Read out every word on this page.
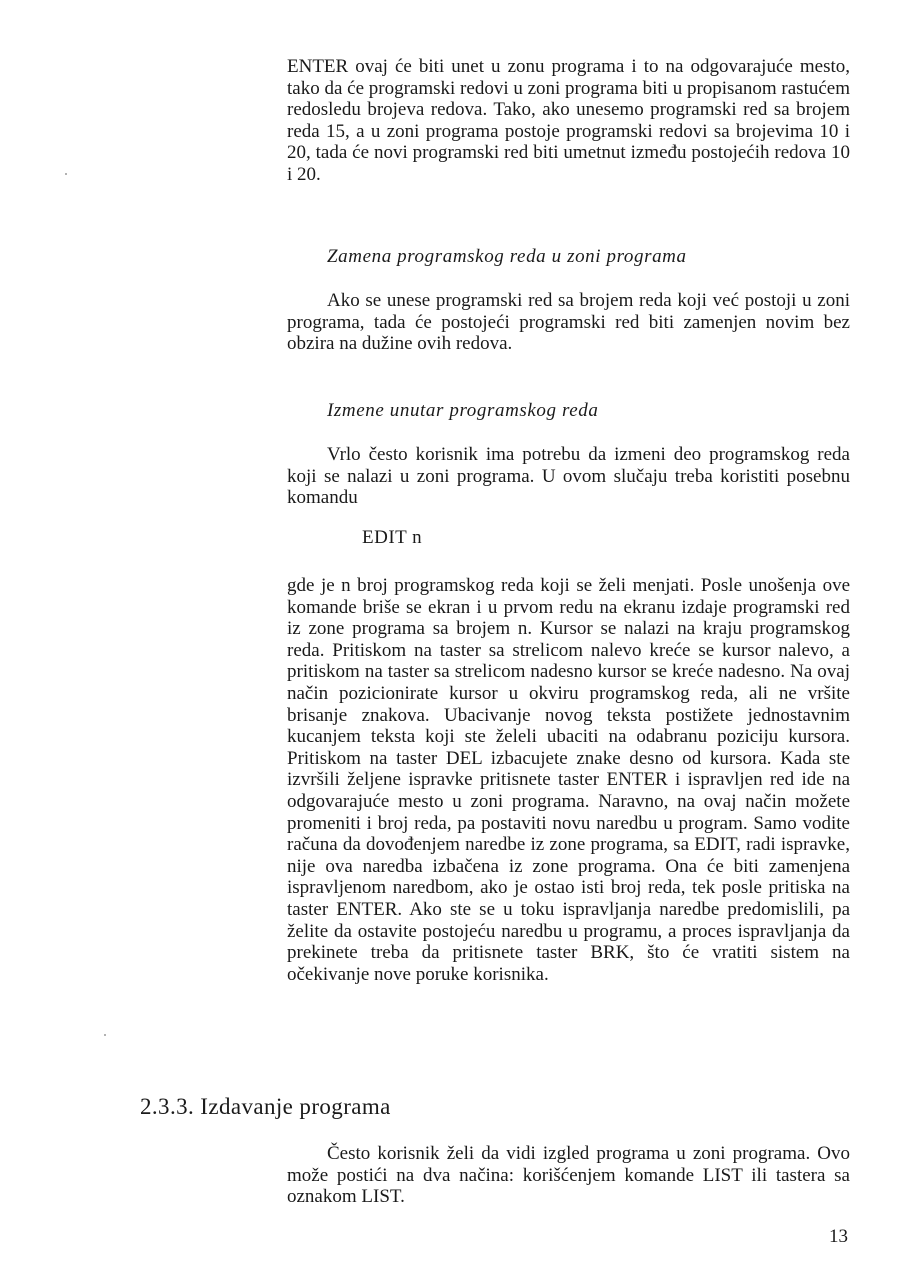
ENTER ovaj će biti unet u zonu programa i to na odgovarajuće mesto, tako da će programski redovi u zoni programa biti u propisanom rastućem redosledu brojeva redova. Tako, ako unesemo programski red sa brojem reda 15, a u zoni programa postoje programski redovi sa brojevima 10 i 20, tada će novi programski red biti umetnut između postojećih redova 10 i 20.

Zamena programskog reda u zoni programa

Ako se unese programski red sa brojem reda koji već postoji u zoni programa, tada će postojeći programski red biti zamenjen novim bez obzira na dužine ovih redova.

Izmene unutar programskog reda

Vrlo često korisnik ima potrebu da izmeni deo programskog reda koji se nalazi u zoni programa. U ovom slučaju treba koristiti posebnu komandu

EDIT n

gde je n broj programskog reda koji se želi menjati. Posle unošenja ove komande briše se ekran i u prvom redu na ekranu izdaje programski red iz zone programa sa brojem n. Kursor se nalazi na kraju programskog reda. Pritiskom na taster sa strelicom nalevo kreće se kursor nalevo, a pritiskom na taster sa strelicom nadesno kursor se kreće nadesno. Na ovaj način pozicionirate kursor u okviru programskog reda, ali ne vršite brisanje znakova. Ubacivanje novog teksta postižete jednostavnim kucanjem teksta koji ste želeli ubaciti na odabranu poziciju kursora. Pritiskom na taster DEL izbacujete znake desno od kursora. Kada ste izvršili željene ispravke pritisnete taster ENTER i ispravljen red ide na odgovarajuće mesto u zoni programa. Naravno, na ovaj način možete promeniti i broj reda, pa postaviti novu naredbu u program. Samo vodite računa da dovođenjem naredbe iz zone programa, sa EDIT, radi ispravke, nije ova naredba izbačena iz zone programa. Ona će biti zamenjena ispravljenom naredbom, ako je ostao isti broj reda, tek posle pritiska na taster ENTER. Ako ste se u toku ispravljanja naredbe predomislili, pa želite da ostavite postojeću naredbu u programu, a proces ispravljanja da prekinete treba da pritisnete taster BRK, što će vratiti sistem na očekivanje nove poruke korisnika.

2.3.3. Izdavanje programa

Često korisnik želi da vidi izgled programa u zoni programa. Ovo može postići na dva načina: korišćenjem komande LIST ili tastera sa oznakom LIST.

13
